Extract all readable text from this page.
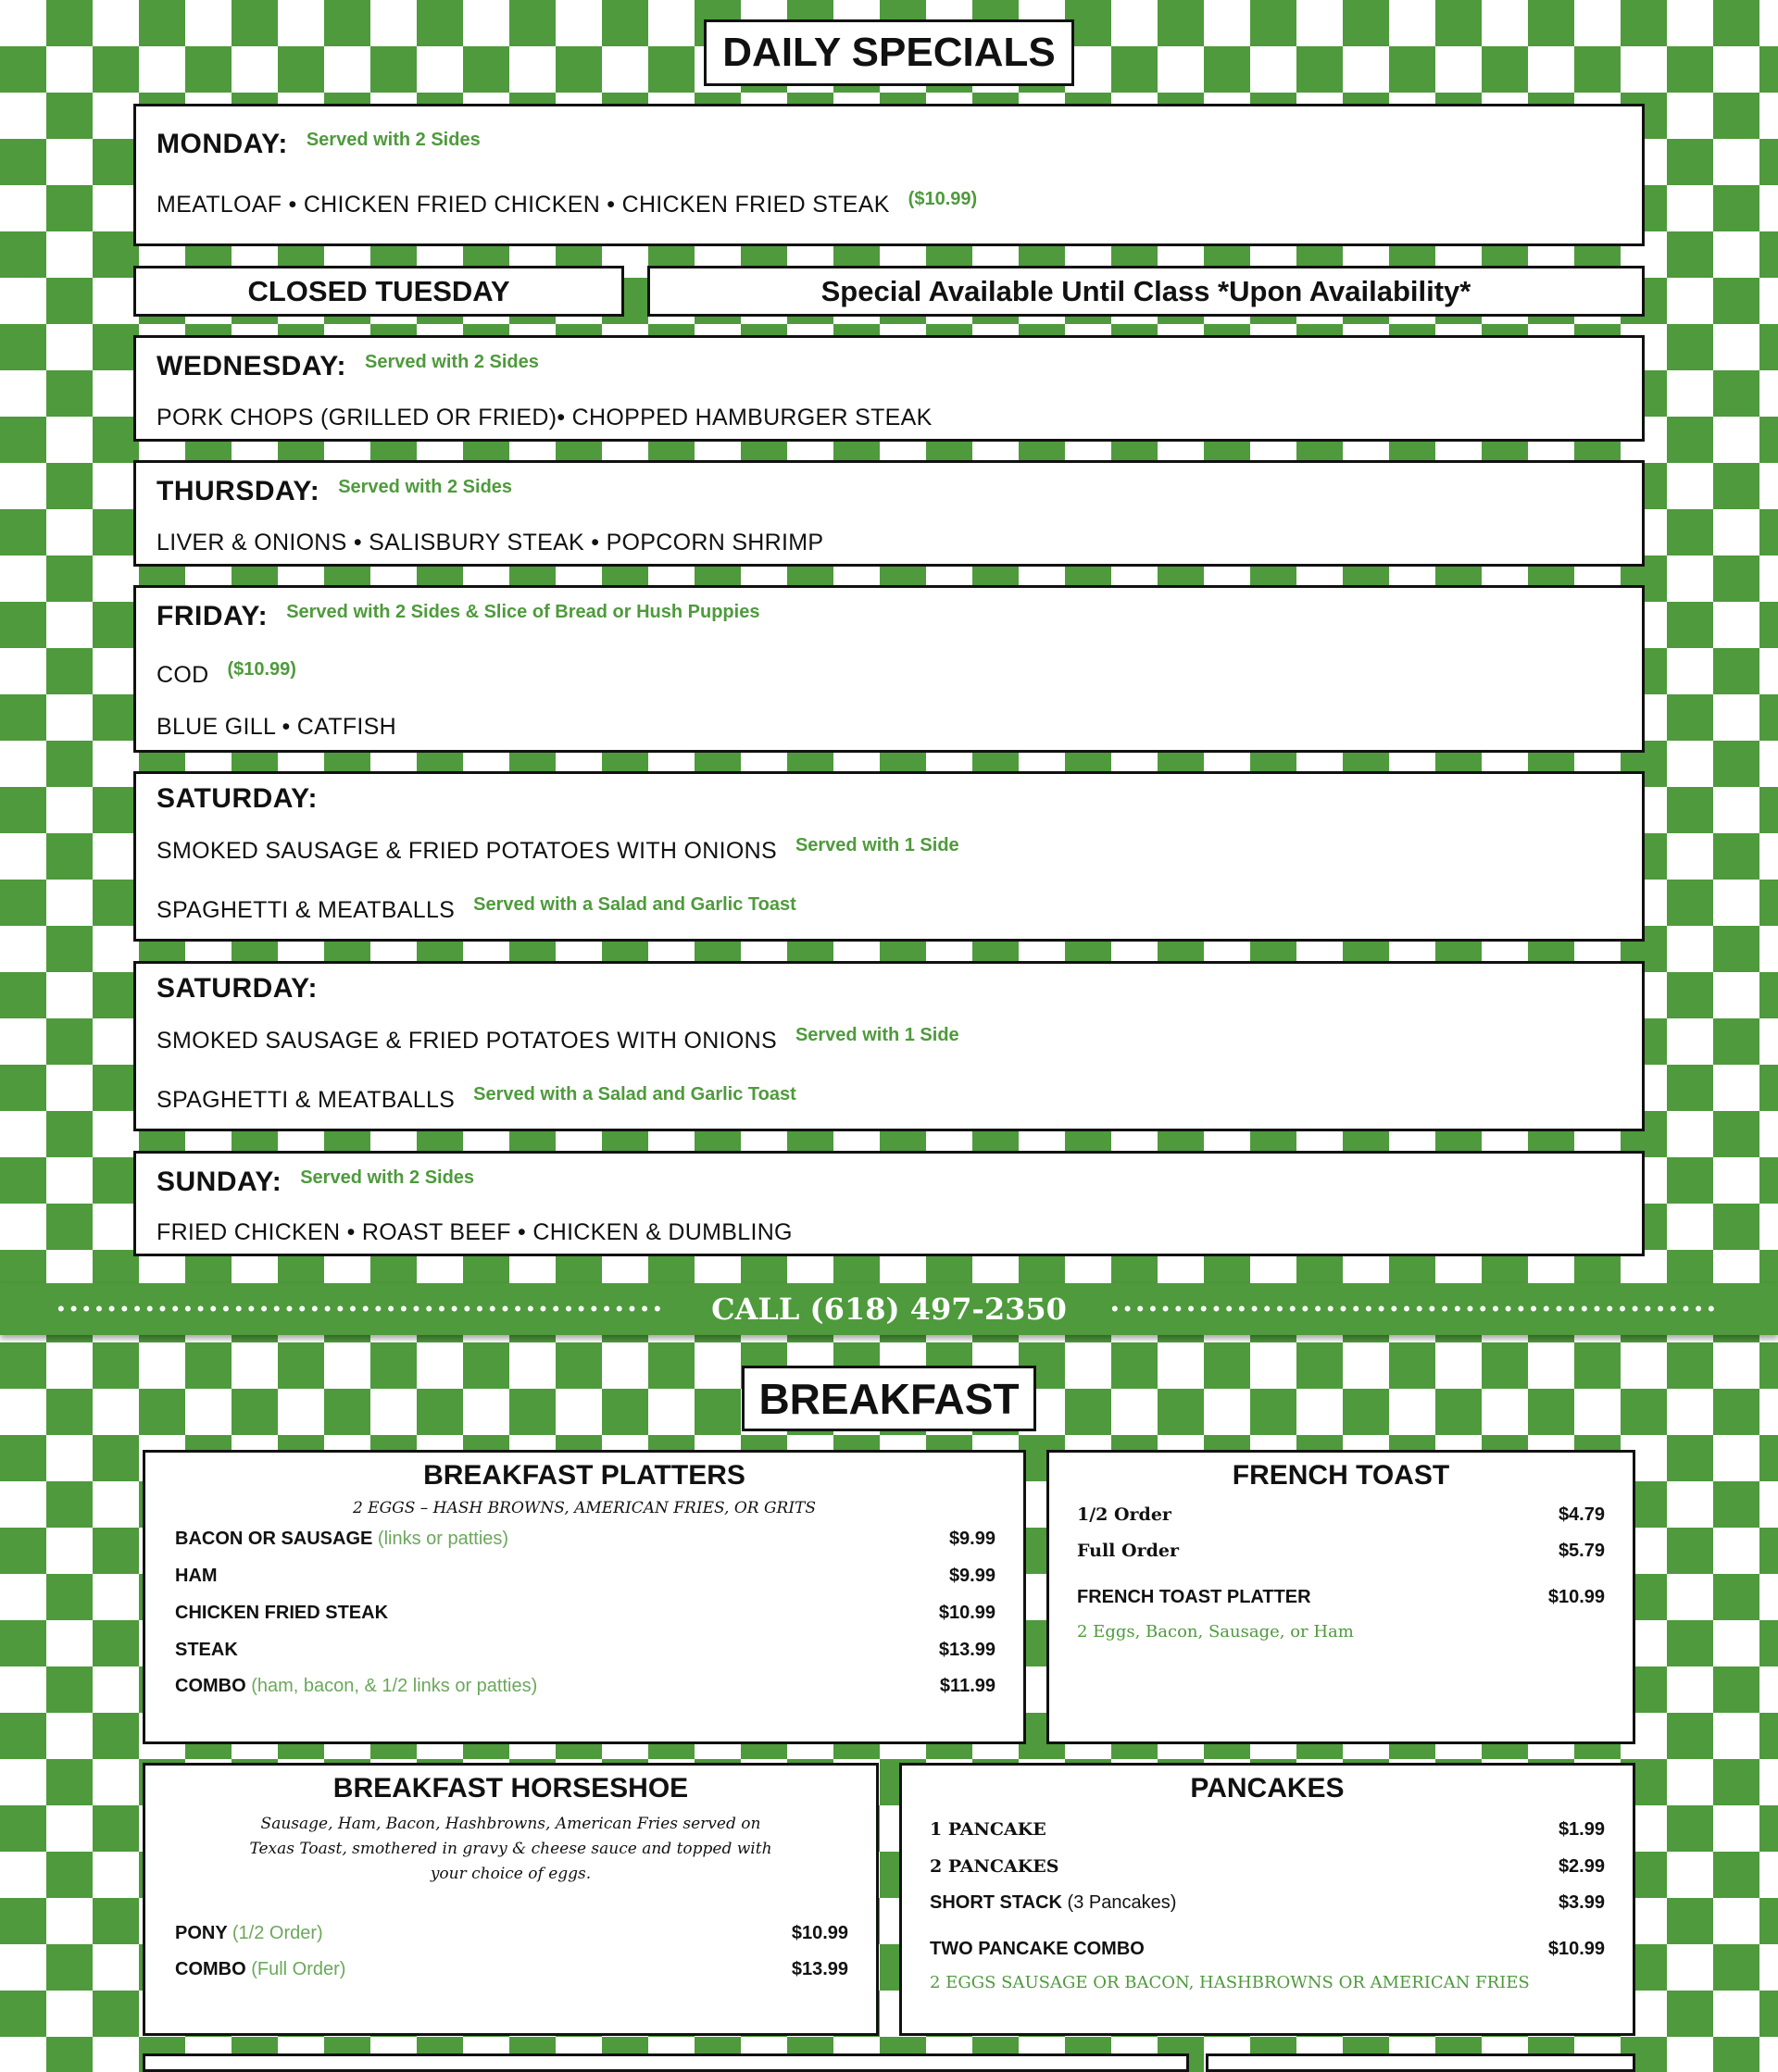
DAILY SPECIALS
MONDAY: Served with 2 Sides
MEATLOAF • CHICKEN FRIED CHICKEN • CHICKEN FRIED STEAK ($10.99)
CLOSED TUESDAY	Special Available Until Class *Upon Availability*
WEDNESDAY: Served with 2 Sides
PORK CHOPS (GRILLED OR FRIED)• CHOPPED HAMBURGER STEAK
THURSDAY: Served with 2 Sides
LIVER & ONIONS • SALISBURY STEAK • POPCORN SHRIMP
FRIDAY: Served with 2 Sides & Slice of Bread or Hush Puppies
COD ($10.99)
BLUE GILL • CATFISH
SATURDAY:
SMOKED SAUSAGE & FRIED POTATOES WITH ONIONS Served with 1 Side
SPAGHETTI & MEATBALLS Served with a Salad and Garlic Toast
SATURDAY:
SMOKED SAUSAGE & FRIED POTATOES WITH ONIONS Served with 1 Side
SPAGHETTI & MEATBALLS Served with a Salad and Garlic Toast
SUNDAY: Served with 2 Sides
FRIED CHICKEN • ROAST BEEF • CHICKEN & DUMBLING
•••••••••••••••••••••••••••••••••••••••••••••••• CALL (618) 497-2350 ••••••••••••••••••••••••••••••••••••••••••••••••
BREAKFAST
BREAKFAST PLATTERS
2 EGGS – HASH BROWNS, AMERICAN FRIES, OR GRITS
BACON OR SAUSAGE (links or patties)	$9.99
HAM	$9.99
CHICKEN FRIED STEAK	$10.99
STEAK	$13.99
COMBO (ham, bacon, & 1/2 links or patties)	$11.99
FRENCH TOAST
1/2 Order	$4.79
Full Order	$5.79
FRENCH TOAST PLATTER	$10.99
2 Eggs, Bacon, Sausage, or Ham
BREAKFAST HORSESHOE
Sausage, Ham, Bacon, Hashbrowns, American Fries served on
Texas Toast, smothered in gravy & cheese sauce and topped with
your choice of eggs.
PONY (1/2 Order)	$10.99
COMBO (Full Order)	$13.99
PANCAKES
1 PANCAKE	$1.99
2 PANCAKES	$2.99
SHORT STACK (3 Pancakes)	$3.99
TWO PANCAKE COMBO	$10.99
2 EGGS SAUSAGE OR BACON, HASHBROWNS OR AMERICAN FRIES
